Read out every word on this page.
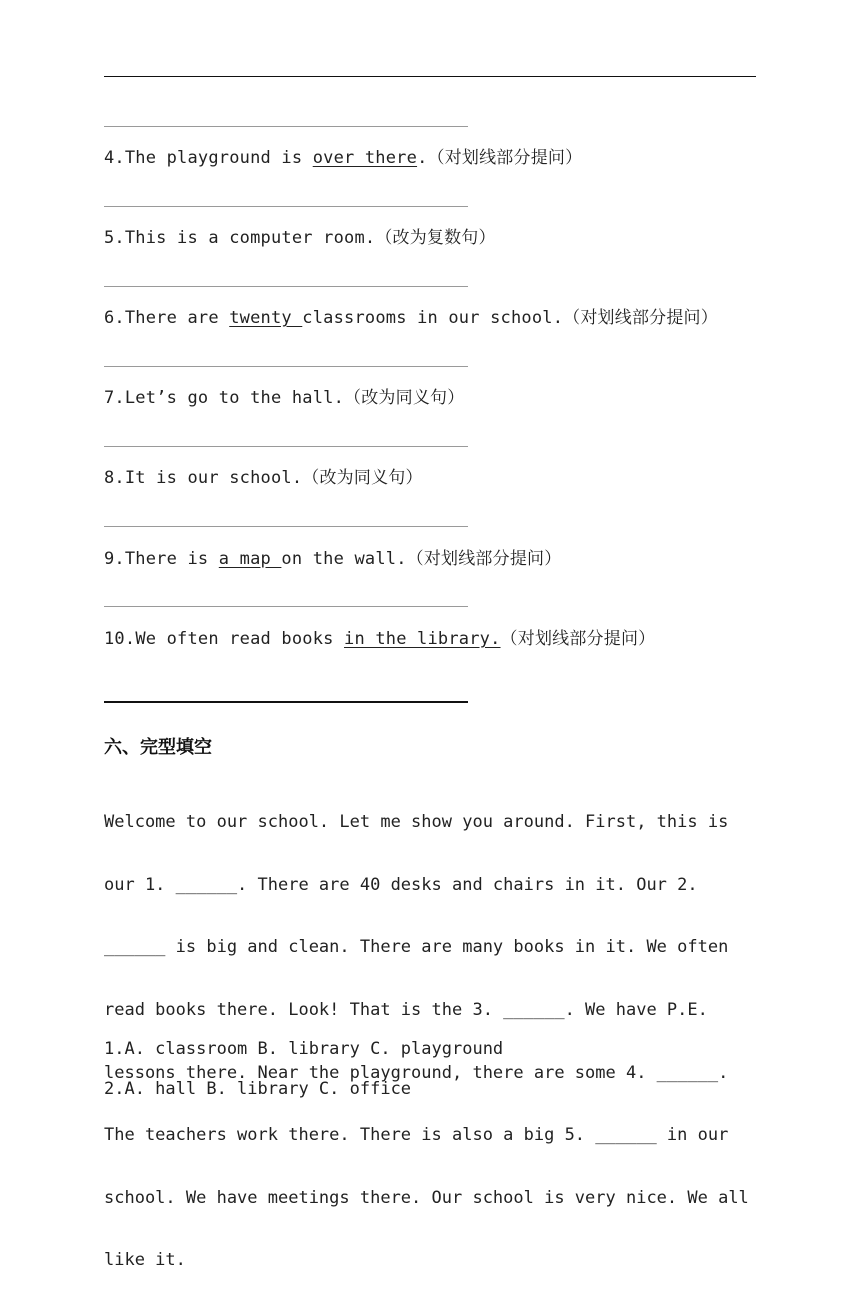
4.The playground is over there.（对划线部分提问）
5.This is a computer room.（改为复数句）
6.There are twenty classrooms in our school.（对划线部分提问）
7.Let’s go to the hall.（改为同义句）
8.It is our school.（改为同义句）
9.There is a map on the wall.（对划线部分提问）
10.We often read books in the library.（对划线部分提问）
六、完型填空

Welcome to our school. Let me show you around. First, this is

our 1. ______. There are 40 desks and chairs in it. Our 2.

______ is big and clean. There are many books in it. We often

read books there. Look! That is the 3. ______. We have P.E.

lessons there. Near the playground, there are some 4. ______.

The teachers work there. There is also a big 5. ______ in our

school. We have meetings there. Our school is very nice. We all

like it.

1.A. classroom B. library C. playground
2.A. hall B. library C. office
